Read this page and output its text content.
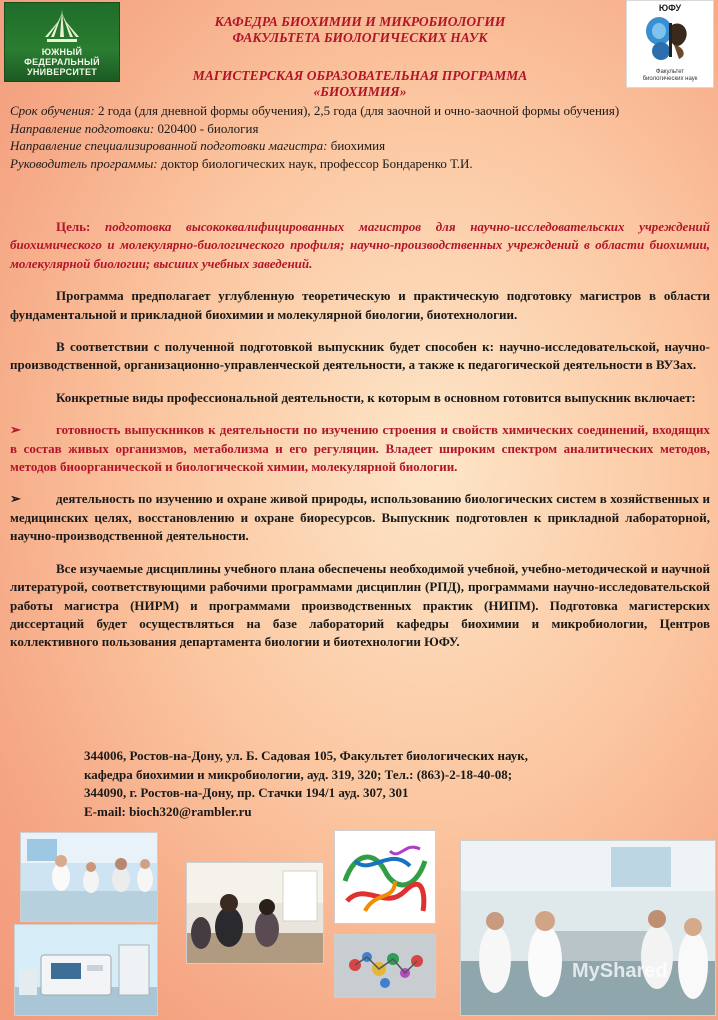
ЮЖНЫЙ
ФЕДЕРАЛЬНЫЙ
УНИВЕРСИТЕТ
ЮФУ
Факультет
биологических наук
КАФЕДРА БИОХИМИИ И МИКРОБИОЛОГИИ
ФАКУЛЬТЕТА БИОЛОГИЧЕСКИХ НАУК
МАГИСТЕРСКАЯ ОБРАЗОВАТЕЛЬНАЯ ПРОГРАММА
«БИОХИМИЯ»
Срок обучения: 2 года (для дневной формы обучения), 2,5 года (для заочной и очно-заочной формы обучения)
Направление подготовки: 020400 - биология
Направление специализированной подготовки магистра: биохимия
Руководитель программы: доктор биологических наук, профессор Бондаренко Т.И.

Цель: подготовка высококвалифицированных магистров для научно-исследовательских учреждений биохимического и молекулярно-биологического профиля; научно-производственных учреждений в области биохимии, молекулярной биологии; высших учебных заведений.

Программа предполагает углубленную теоретическую и практическую подготовку магистров в области фундаментальной и прикладной биохимии и молекулярной биологии, биотехнологии.

В соответствии с полученной подготовкой выпускник будет способен к: научно-исследовательской, научно-производственной, организационно-управленческой деятельности, а также к педагогической деятельности в ВУЗах.

Конкретные виды профессиональной деятельности, к которым в основном готовится выпускник включает:

➢	готовность выпускников к деятельности по изучению строения и свойств химических соединений, входящих в состав живых организмов, метаболизма и его регуляции. Владеет широким спектром аналитических методов, методов биоорганической и биологической химии, молекулярной биологии.
➢	деятельность по изучению и охране живой природы, использованию биологических систем в хозяйственных и медицинских целях, восстановлению и охране биоресурсов. Выпускник подготовлен к прикладной лабораторной, научно-производственной деятельности.

Все изучаемые дисциплины учебного плана обеспечены необходимой учебной, учебно-методической и научной литературой, соответствующими рабочими программами дисциплин (РПД), программами научно-исследовательской работы магистра (НИРМ) и программами производственных практик (НИПМ). Подготовка магистерских диссертаций будет осуществляться на базе лабораторий кафедры биохимии и микробиологии, Центров коллективного пользования департамента биологии и биотехнологии ЮФУ.

344006, Ростов-на-Дону, ул. Б. Садовая 105, Факультет биологических наук,
кафедра биохимии и микробиологии, ауд. 319, 320; Тел.: (863)-2-18-40-08;
344090, г. Ростов-на-Дону, пр. Стачки 194/1 ауд. 307, 301
E-mail: bioch320@rambler.ru
MyShared
